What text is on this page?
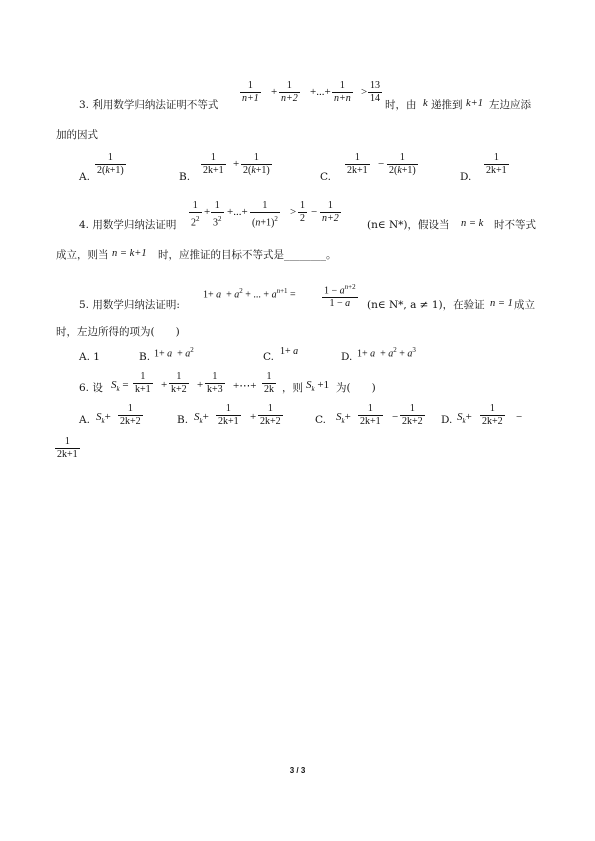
$\frac{1}{n+1} + \frac{1}{n+2}$ +...+ $\frac{1}{n+n} > \frac{13}{14}$
3. 利用数学归纳法证明不等式	时，由 k 递推到 k+1 左边应添
加的因式
A. $\frac{1}{2(k+1)}$	B. $\frac{1}{2k+1} + \frac{1}{2(k+1)}$	C. $\frac{1}{2k+1} - \frac{1}{2(k+1)}$	D. $\frac{1}{2k+1}$
4. 用数学归纳法证明 $\frac{1}{2^2} + \frac{1}{3^2}$ +...+ $\frac{1}{(n+1)^2} > \frac{1}{2} - \frac{1}{n+2}$	(n∈ N*)，假设当 n = k 时不等式
成立，则当 n = k+1 时，应推证的目标不等式是________。
5. 用数学归纳法证明:
$1+ a + a^2$ + ... + $a^{n+1}$ =	$\frac{1 - a^{n+2}}{1 - a}$ (n∈ N*, a ≠ 1)，在验证 n = 1 成立
时，左边所得的项为(　　)
A. 1	B. $1+ a + a^2$
C. 1+ a	D. $1+ a + a^2 + a^3$
6. 设 $S_k = \frac{1}{k+1} + \frac{1}{k+2} + \frac{1}{k+3}$ +⋯+ $\frac{1}{2k}$ ，则 $S_k +1$ 为(　　)
A. $S_k+ \frac{1}{2k+2}$	B. $S_k+ \frac{1}{2k+1} + \frac{1}{2k+2}$	C. $S_k+ \frac{1}{2k+1} - \frac{1}{2k+2} D$. $S_k+ \frac{1}{2k+2}$ −
$\frac{1}{2k+1}$
3 / 3
